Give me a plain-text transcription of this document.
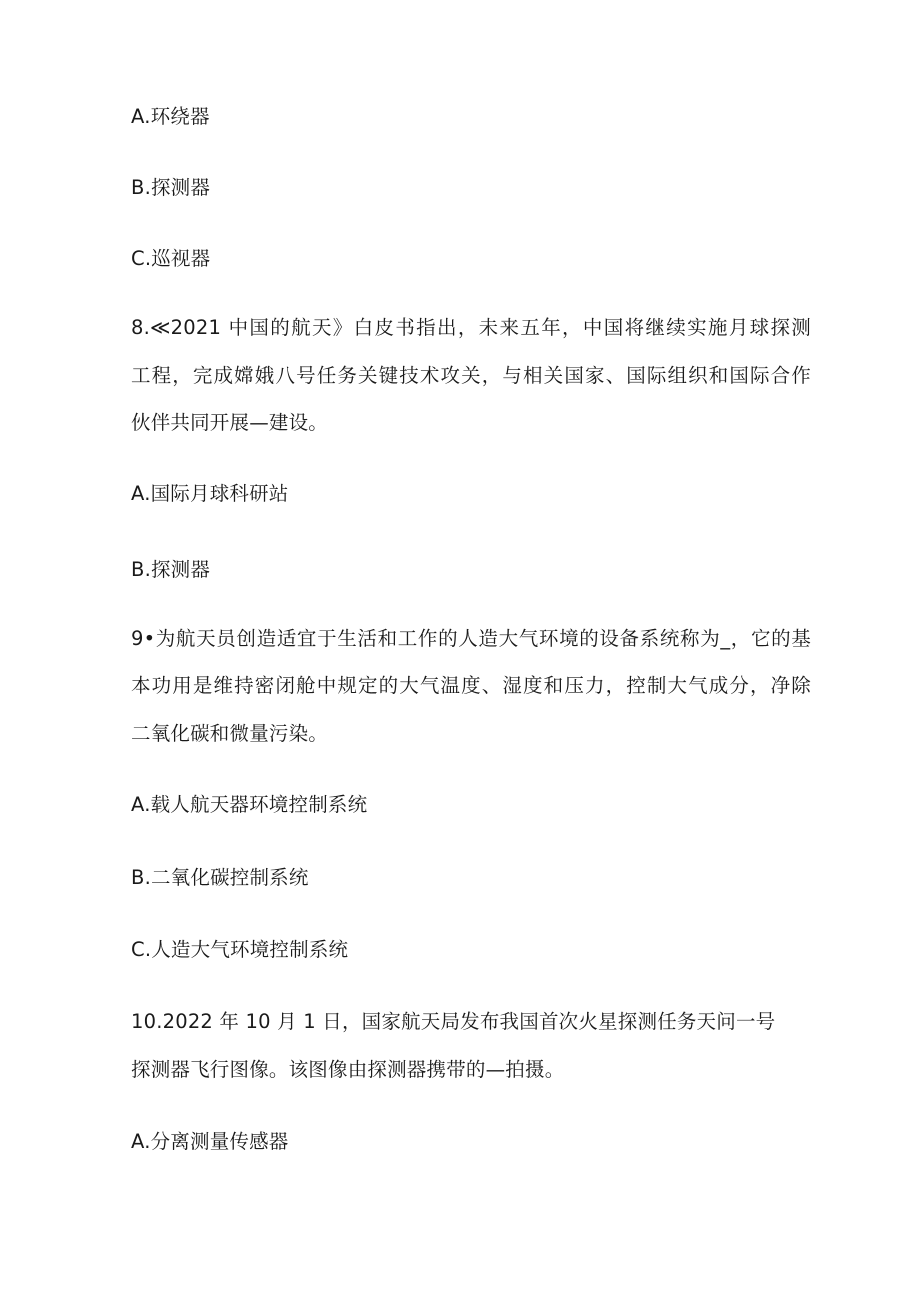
A.环绕器
B.探测器
C.巡视器
8.≪2021 中国的航天》白皮书指出，未来五年，中国将继续实施月球探测
工程，完成嫦娥八号任务关键技术攻关，与相关国家、国际组织和国际合作
伙伴共同开展—建设。
A.国际月球科研站
B.探测器
9•为航天员创造适宜于生活和工作的人造大气环境的设备系统称为_，它的基
本功用是维持密闭舱中规定的大气温度、湿度和压力，控制大气成分，净除
二氧化碳和微量污染。
A.载人航天器环境控制系统
B.二氧化碳控制系统
C.人造大气环境控制系统
10.2022 年 10 月 1 日，国家航天局发布我国首次火星探测任务天问一号
探测器飞行图像。该图像由探测器携带的—拍摄。
A.分离测量传感器
